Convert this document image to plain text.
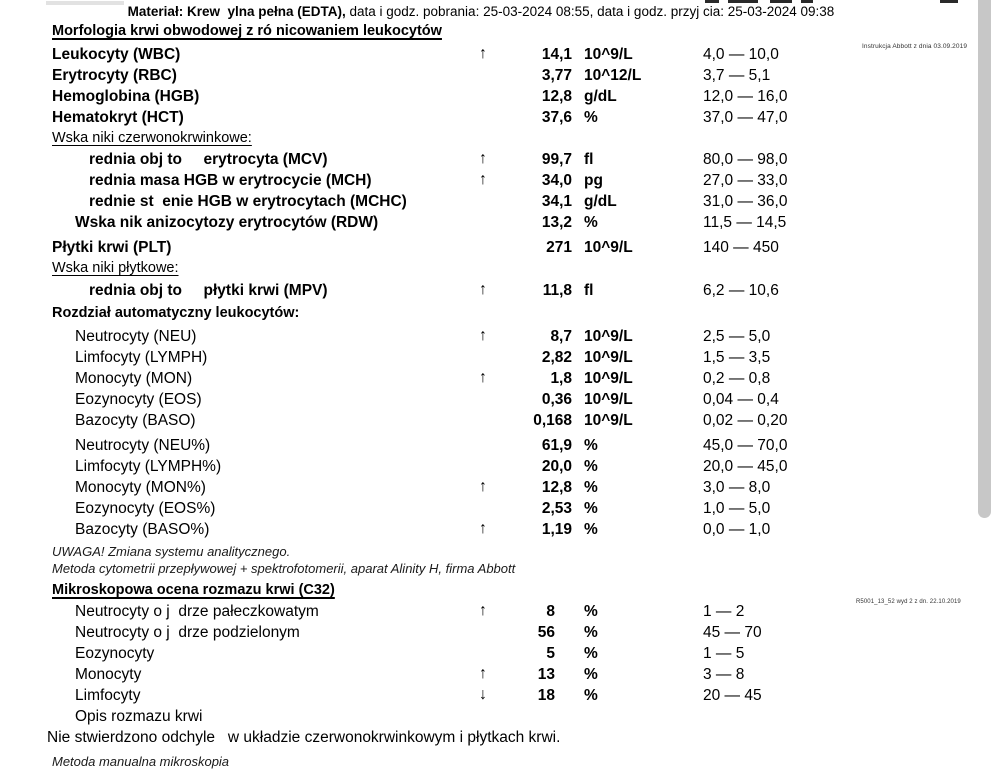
Materiał: Krew  ylna pełna (EDTA), data i godz. pobrania: 25-03-2024 08:55, data i godz. przyj cia: 25-03-2024 09:38
Instrukcja Abbott z dnia 03.09.2019
R5001_13_52 wyd 2 z dn. 22.10.2019
Morfologia krwi obwodowej z ró nicowaniem leukocytów
Leukocyty (WBC)	↑	14,1 10^9/L	4,0 — 10,0
Erytrocyty (RBC)	3,77 10^12/L	3,7 — 5,1
Hemoglobina (HGB)	12,8 g/dL	12,0 — 16,0
Hematokryt (HCT)	37,6 %	37,0 — 47,0
Wska niki czerwonokrwinkowe:
rednia obj to     erytrocyta (MCV)	↑	99,7 fl	80,0 — 98,0
rednia masa HGB w erytrocycie (MCH)	↑	34,0 pg	27,0 — 33,0
rednie st  enie HGB w erytrocytach (MCHC)	34,1 g/dL	31,0 — 36,0
Wska nik anizocytozy erytrocytów (RDW)	13,2 %	11,5 — 14,5
Płytki krwi (PLT)	271 10^9/L	140 — 450
Wska niki płytkowe:
rednia obj to     płytki krwi (MPV)	↑	11,8 fl	6,2 — 10,6
Rozdział automatyczny leukocytów:
Neutrocyty (NEU)	↑	8,7 10^9/L	2,5 — 5,0
Limfocyty (LYMPH)	2,82 10^9/L	1,5 — 3,5
Monocyty (MON)	↑	1,8 10^9/L	0,2 — 0,8
Eozynocyty (EOS)	0,36 10^9/L	0,04 — 0,4
Bazocyty (BASO)	0,168 10^9/L	0,02 — 0,20
Neutrocyty (NEU%)	61,9 %	45,0 — 70,0
Limfocyty (LYMPH%)	20,0 %	20,0 — 45,0
Monocyty (MON%)	↑	12,8 %	3,0 — 8,0
Eozynocyty (EOS%)	2,53 %	1,0 — 5,0
Bazocyty (BASO%)	↑	1,19 %	0,0 — 1,0
UWAGA! Zmiana systemu analitycznego.
Metoda cytometrii przepływowej + spektrofotomerii, aparat Alinity H, firma Abbott
Mikroskopowa ocena rozmazu krwi (C32)
Neutrocyty o j  drze pałeczkowatym	↑	8	%	1 — 2
Neutrocyty o j  drze podzielonym	56	%	45 — 70
Eozynocyty	5	%	1 — 5
Monocyty	↑	13	%	3 — 8
Limfocyty	↓	18	%	20 — 45
Opis rozmazu krwi
Nie stwierdzono odchyle   w układzie czerwonokrwinkowym i płytkach krwi.
Metoda manualna mikroskopia
